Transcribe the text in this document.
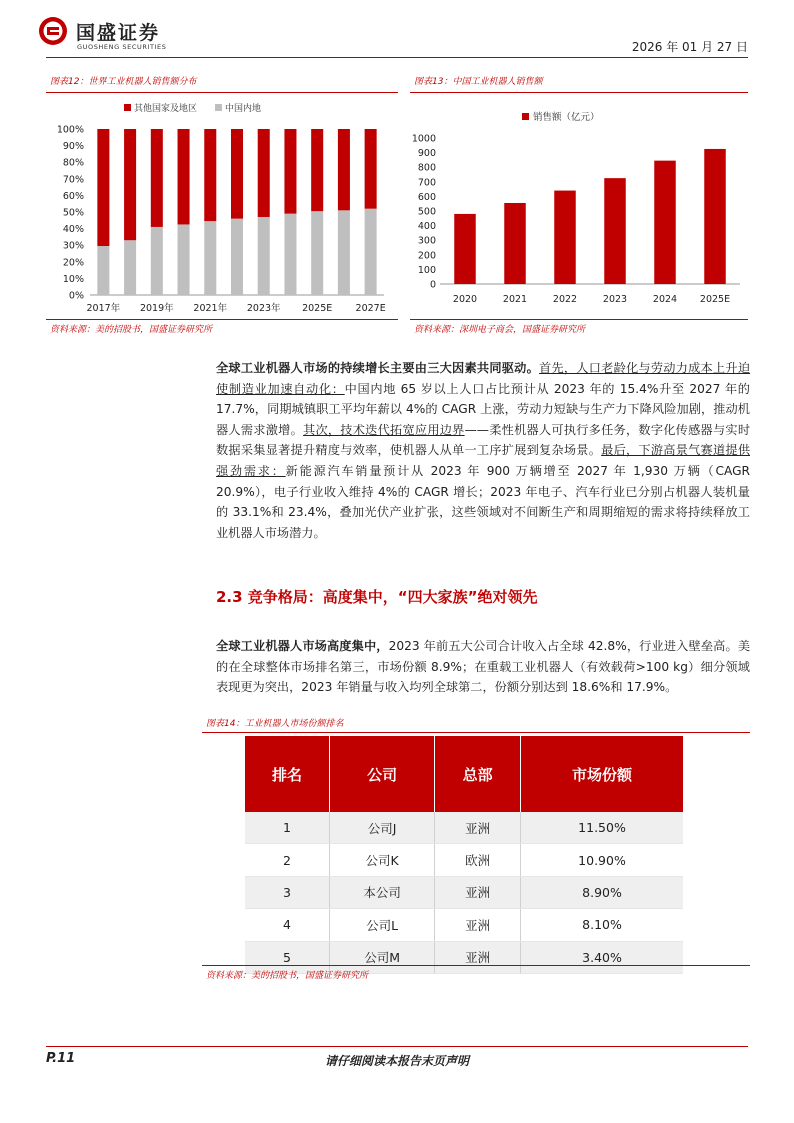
国盛证券
GUOSHENG SECURITIES	2026 年 01 月 27 日
图表12：世界工业机器人销售额分布
其他国家及地区	中国内地
0%
10%
20%
30%
40%
50%
60%
70%
80%
90%
100%
2017年 2019年 2021年 2023年 2025E 2027E
资料来源：美的招股书，国盛证券研究所
图表13：中国工业机器人销售额
销售额（亿元）
0
100
200
300
400
500
600
700
800
900
1000
2020	2021	2022	2023	2024 2025E
资料来源：深圳电子商会，国盛证券研究所
全球工业机器人市场的持续增长主要由三大因素共同驱动。首先，人口老龄化与劳动力成本上升迫使制造业加速自动化：中国内地 65 岁以上人口占比预计从 2023 年的 15.4%升至 2027 年的 17.7%，同期城镇职工平均年薪以 4%的 CAGR 上涨，劳动力短缺与生产力下降风险加剧，推动机器人需求激增。其次，技术迭代拓宽应用边界——柔性机器人可执行多任务，数字化传感器与实时数据采集显著提升精度与效率，使机器人从单一工序扩展到复杂场景。最后，下游高景气赛道提供强劲需求：新能源汽车销量预计从 2023 年 900 万辆增至 2027 年 1,930 万辆（CAGR 20.9%），电子行业收入维持 4%的 CAGR 增长；2023 年电子、汽车行业已分别占机器人装机量的 33.1%和 23.4%，叠加光伏产业扩张，这些领域对不间断生产和周期缩短的需求将持续释放工业机器人市场潜力。
2.3 竞争格局：高度集中，“四大家族”绝对领先
全球工业机器人市场高度集中，2023 年前五大公司合计收入占全球 42.8%，行业进入壁垒高。美的在全球整体市场排名第三，市场份额 8.9%；在重载工业机器人（有效载荷>100 kg）细分领域表现更为突出，2023 年销量与收入均列全球第二，份额分别达到 18.6%和 17.9%。
图表14：工业机器人市场份额排名
排名	公司	总部	市场份额
1	公司J	亚洲	11.50%
2	公司K	欧洲	10.90%
3	本公司	亚洲	8.90%
4	公司L	亚洲	8.10%
5	公司M	亚洲	3.40%
资料来源：美的招股书，国盛证券研究所
P.11	请仔细阅读本报告末页声明
